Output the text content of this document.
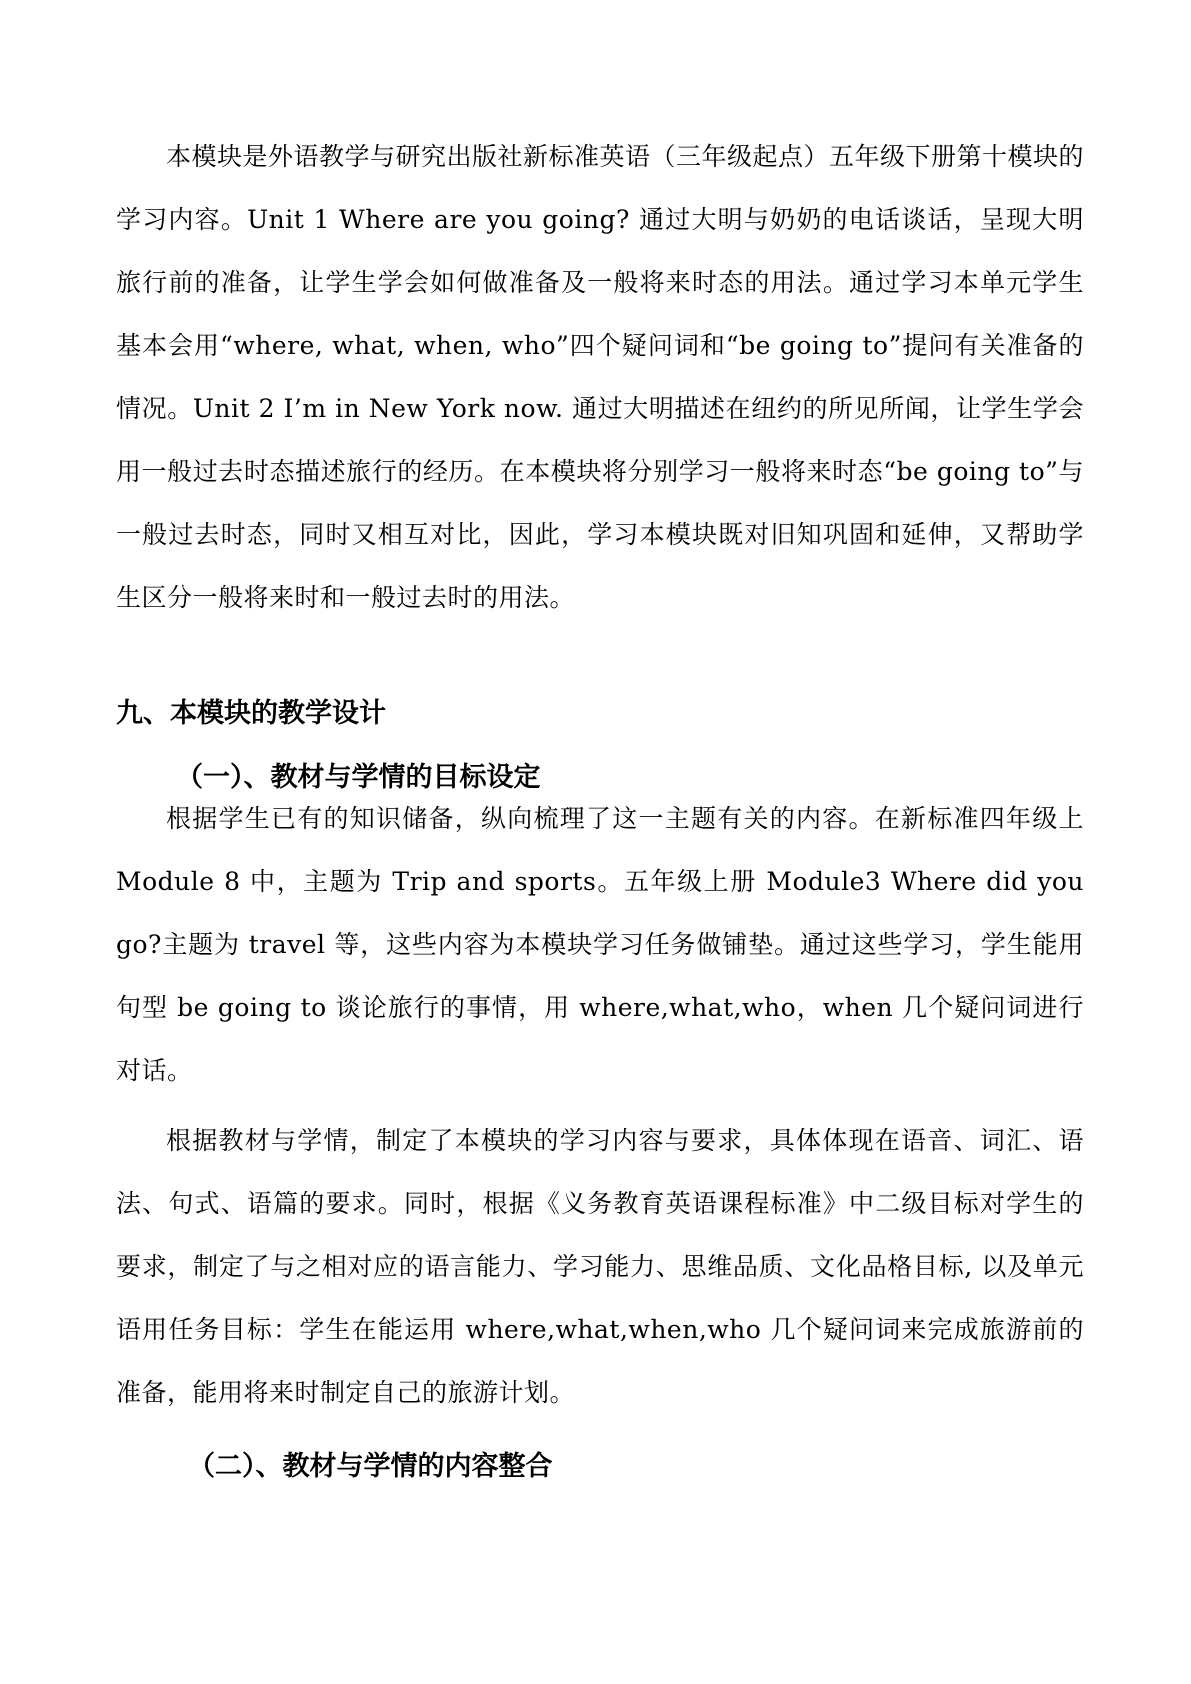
本模块是外语教学与研究出版社新标准英语（三年级起点）五年级下册第十模块的学习内容。Unit 1 Where are you going? 通过大明与奶奶的电话谈话，呈现大明旅行前的准备，让学生学会如何做准备及一般将来时态的用法。通过学习本单元学生基本会用“where, what, when, who”四个疑问词和“be going to”提问有关准备的情况。Unit 2 I’m in New York now. 通过大明描述在纽约的所见所闻，让学生学会用一般过去时态描述旅行的经历。在本模块将分别学习一般将来时态“be going to”与一般过去时态，同时又相互对比，因此，学习本模块既对旧知巩固和延伸，又帮助学生区分一般将来时和一般过去时的用法。

九、本模块的教学设计
（一）、教材与学情的目标设定

根据学生已有的知识储备，纵向梳理了这一主题有关的内容。在新标准四年级上 Module 8 中，主题为 Trip and sports。五年级上册 Module3 Where did you go?主题为 travel 等，这些内容为本模块学习任务做铺垫。通过这些学习，学生能用句型 be going to 谈论旅行的事情，用 where,what,who，when 几个疑问词进行对话。

根据教材与学情，制定了本模块的学习内容与要求，具体体现在语音、词汇、语法、句式、语篇的要求。同时，根据《义务教育英语课程标准》中二级目标对学生的要求，制定了与之相对应的语言能力、学习能力、思维品质、文化品格目标, 以及单元语用任务目标：学生在能运用 where,what,when,who 几个疑问词来完成旅游前的准备，能用将来时制定自己的旅游计划。

（二）、教材与学情的内容整合
